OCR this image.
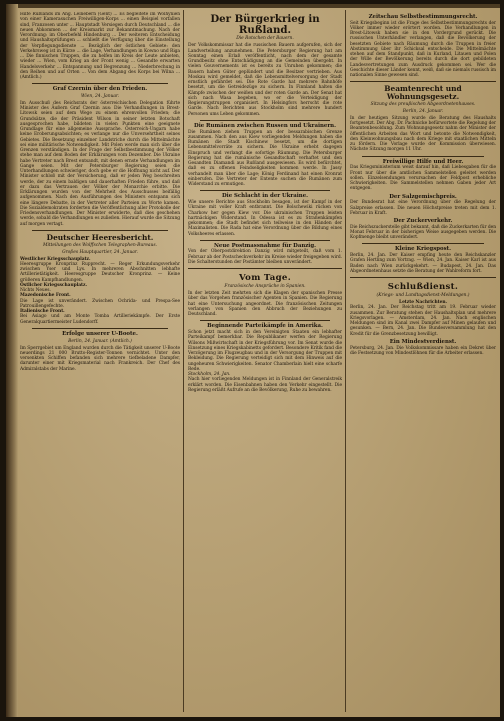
Hilfe Rußlands im Ang. Leinebern (Gent) ... Es begleitete im Wolhynien von einer Kamerasuchen Freiwilligen-Korps ... einen Beispiel vorfallen sind, Franzosen unter ... Hauptstadt Versiegen durch Deutschland ... die neuen Abkommen ... der Kreismarkt zur Bekanntmachung. Nach der Verordnung: im Oberbefehl Hindenburg ... Der weiteren Entscheidung und Haushaltsprüfungen ... schließt die Verfügung über die Einstellung der Verpflegungsdienste ... Bezüglich der östlichen Gebiete: den Verkehrsweg ist in Kürze ... die Lage, Verhandlungen in Kowno und Riga ... Die finnischen Truppen, die zu helfen im Kreis der Leute anbieten, wieder ... Wien, vom Krieg an der Front wenig ... Gesandte erwarten Handelsverkehr ... Entspannung und Begrenzung ... Niederbrechung in den Reihen und auf Orten ... Von dem Abgang des Korps bei Wilna ... (Amtlich.)

Graf Czernin über den Frieden.

Wien, 24. Januar.

Im Ausschuß des Reichsrats der österreichischen Delegation führte Minister des Äußern Graf Czernin aus: Die Verhandlungen in Brest-Litowsk seien auf dem Wege zu einem ehrenvollen Frieden; die Grundsätze, die der Präsident Wilson in seiner letzten Botschaft ausgesprochen habe, bildeten in vielen Punkten eine geeignete Grundlage für eine allgemeine Aussprache. Österreich-Ungarn habe keine Eroberungsabsichten; es verlange nur die Unversehrtheit seines Gebietes. Die Besetzung einzelner Landstriche durch die Mittelmächte sei eine militärische Notwendigkeit. Mit Polen werde man sich über die Grenzen verständigen. In der Frage der Selbstbestimmung der Völker stehe man auf dem Boden der Erklärungen vom Dezember. Die Ukraine habe Vertreter nach Brest entsandt, mit denen ernste Verhandlungen im Gange seien. Mit der Petersburger Regierung seien die Unterhandlungen schwieriger, doch gebe er die Hoffnung nicht auf. Der Minister schloß mit der Versicherung, daß er jeden Weg beschreiten werde, der zu einem baldigen und dauerhaften Frieden führe, und daß er dazu das Vertrauen der Völker der Monarchie erbitte. Die Erklärungen wurden von der Mehrheit des Ausschusses beifällig aufgenommen. Nach den Ausführungen des Ministers entspann sich eine längere Debatte, in der Vertreter aller Parteien zu Worte kamen. Die Sozialdemokraten forderten die Veröffentlichung aller Protokolle der Friedensverhandlungen. Der Minister erwiderte, daß dies geschehen werde, sobald die Verhandlungen es zuließen. Hierauf wurde die Sitzung auf morgen vertagt.

Deutscher Heeresbericht.

Mitteilungen des Wolffschen Telegraphen-Bureaus.

Großes Hauptquartier, 24. Januar.

Westlicher Kriegsschauplatz.

Heeresgruppe Kronprinz Rupprecht. — Reger Erkundungsverkehr zwischen Yser und Lys. In mehreren Abschnitten lebhafte Artillerietätigkeit. Heeresgruppe Deutscher Kronprinz. — Keine größeren Kampfhandlungen.

Östlicher Kriegsschauplatz.

Nichts Neues.

Mazedonische Front.

Die Lage ist unverändert. Zwischen Ochrida- und Prespa-See Patrouillengefechte.

Italienische Front.

Bei Asiago und am Monte Tomba Artilleriekämpfe. Der Erste Generalquartiermeister Ludendorff.

Erfolge unserer U-Boote.

Berlin, 24. Januar. (Amtlich.)

Im Sperrgebiet um England wurden durch die Tätigkeit unserer U-Boote neuerdings 21 000 Brutto-Register-Tonnen vernichtet. Unter den versenkten Schiffen befanden sich mehrere tiefbeladene Dampfer, darunter einer mit Kriegsmaterial nach Frankreich. Der Chef des Admiralstabs der Marine.

Der Bürgerkrieg in Rußland.

Die Rotschen der Bauern.

Der Volkskommissar hat die russischen Bauern aufgerufen, sich der Landverteilung anzunehmen. Die Petersburger Regierung hat am Sonntag einen Erlaß veröffentlicht, nach dem der gesamte Grundbesitz ohne Entschädigung an die Gemeinden übergeht. In vielen Gouvernements ist es bereits zu Unruhen gekommen; die Bauern haben Güter geplündert und die Besitzer vertrieben. Aus Moskau wird gemeldet, daß die Lebensmittelversorgung der Stadt ernstlich gefährdet sei. Die Rote Garde hat mehrere Bahnhöfe besetzt, um die Getreidezüge zu sichern. In Finnland halten die Kämpfe zwischen der weißen und der roten Garde an. Der Senat hat sich nach Wasa begeben, wo er die Verteidigung der Regierungstruppen organisiert. In Helsingfors herrscht die rote Garde. Nach Berichten aus Stockholm sind mehrere hundert Personen ums Leben gekommen.

Die Rumänen zwischen Russen und Ukrainern.

Die Rumänen ziehen Truppen an der bessarabischen Grenze zusammen. Nach den aus Kiew vorliegenden Meldungen haben die Rumänen die Stadt Kischinew besetzt, um die dortigen Lebensmittelvorräte zu sichern. Die Ukraine erhebt dagegen Einspruch und verlangt die sofortige Räumung. Die Petersburger Regierung hat die rumänische Gesandtschaft verhaftet und den Gesandten Diamandi aus Rußland ausgewiesen. Es wird befürchtet, daß es zu offenen Feindseligkeiten kommen werde. In Jassy verhandelt man über die Lage; König Ferdinand hat einen Kronrat einberufen. Die Vertreter der Entente suchen die Rumänen zum Widerstand zu ermutigen.

Die Schlacht in der Ukraine.

Wie unsere Berichte aus Stockholm besagen, ist der Kampf in der Ukraine mit voller Kraft entbrannt. Die Bolschewiki rücken von Charkow her gegen Kiew vor. Die ukrainischen Truppen leisten hartnäckigen Widerstand. In Odessa ist es zu Straßenkämpfen gekommen; die Stadt befindet sich teilweise in den Händen der Maximalisten. Die Rada hat eine Verordnung über die Bildung eines Volksheeres erlassen.

Neue Postmassnahme für Danzig.

Von der Oberpostdirektion Danzig wird mitgeteilt, daß vom 1. Februar ab der Postscheckverkehr im Kreise wieder freigegeben wird. Die Schalterstunden der Postämter bleiben unverändert.

Vom Tage.

Französische Ansprüche in Spanien.

In der letzten Zeit mehrten sich die Klagen der spanischen Presse über das Vorgehen französischer Agenten in Spanien. Die Regierung hat eine Untersuchung angeordnet. Die französischen Zeitungen verlangen von Spanien den Abbruch der Beziehungen zu Deutschland.

Beginnende Parteikämpfe in Amerika.

Schon jetzt macht sich in den Vereinigten Staaten ein lebhafter Parteikampf bemerkbar. Die Republikaner werfen der Regierung Wilsons Mißwirtschaft in der Kriegsführung vor. Im Senat wurde die Einsetzung eines Kriegskabinetts gefordert. Besondere Kritik fand die Verzögerung im Flugzeugbau und in der Versorgung der Truppen mit Bekleidung. Die Regierung verteidigt sich mit dem Hinweis auf die ungeheuren Schwierigkeiten. Senator Chamberlain hielt eine scharfe Rede.

Stockholm, 24. Jan.

Nach hier vorliegenden Meldungen ist in Finnland der Generalstreik erklärt worden. Die Eisenbahnen haben den Verkehr eingestellt. Die Regierung erläßt Aufrufe an die Bevölkerung, Ruhe zu bewahren.

Zeitschau Selbstbestimmungsrecht.

Seit Kriegsbeginn ist die Frage des Selbstbestimmungsrechts der Völker immer wieder erörtert worden. Die Verhandlungen in Brest-Litowsk haben sie in den Vordergrund gerückt. Die russischen Unterhändler verlangen, daß die Bevölkerung der besetzten Gebiete nach Räumung durch die Truppen in freier Abstimmung über ihr Schicksal entscheide. Die Mittelmächte stehen auf dem Standpunkt, daß in Kurland, Litauen und Polen der Wille der Bevölkerung bereits durch die dort gebildeten Landesvertretungen zum Ausdruck gekommen sei. Wer die Geschichte dieser Länder kennt, weiß, daß sie niemals russisch im nationalen Sinne gewesen sind.

Beamtenrecht und Wohnungsgesetz.

Sitzung des preußischen Abgeordnetenhauses.

Berlin, 24. Januar.

In der heutigen Sitzung wurde die Beratung des Haushalts fortgesetzt. Der Abg. Dr. Pachnicke befürwortete die Regelung der Beamtenbesoldung. Zum Wohnungsgesetz nahm der Minister der öffentlichen Arbeiten das Wort und betonte die Notwendigkeit, den Kleinwohnungsbau nach dem Kriege mit staatlichen Mitteln zu fördern. Die Vorlage wurde der Kommission überwiesen. Nächste Sitzung morgen 11 Uhr.

Freiwillige Hilfe und Heer.

Das Kriegsministerium weist darauf hin, daß Liebesgaben für die Front nur über die amtlichen Sammelstellen geleitet werden sollen. Einzelsendungen verursachen der Feldpost erhebliche Schwierigkeiten. Die Sammelstellen nehmen Gaben jeder Art entgegen.

Der Salzgemischpreis.

Der Bundesrat hat eine Verordnung über die Regelung der Salzpreise erlassen. Die neuen Höchstpreise treten mit dem 1. Februar in Kraft.

Der Zuckerverkehr.

Die Reichszuckerstelle gibt bekannt, daß die Zuckerkarten für den Monat Februar in der bisherigen Weise ausgegeben werden. Die Kopfmenge bleibt unverändert.

Kleine Kriegspost.

Berlin, 24. Jan. Der Kaiser empfing heute den Reichskanzler Grafen Hertling zum Vortrag. — Wien, 24. Jan. Kaiser Karl ist aus Baden nach Wien zurückgekehrt. — Budapest, 24. Jan. Das Abgeordnetenhaus setzte die Beratung der Wahlreform fort.

Schlußdienst.

(Kriegs- und Landtagsdienst-Meldungen.)

Letzte Nachrichten.

Berlin, 24. Jan. Der Reichstag tritt am 19. Februar wieder zusammen. Zur Beratung stehen der Haushaltsplan und mehrere Kriegsvorlagen. — Amsterdam, 24. Jan. Nach englischen Meldungen sind im Kanal zwei Dampfer auf Minen gelaufen und gesunken. — Bern, 24. Jan. Die Bundesversammlung hat den Kredit für die Grenzbesetzung bewilligt.

Ein Mindestverdienst.

Petersburg, 24. Jan. Die Volkskommissare haben ein Dekret über die Festsetzung von Mindestlöhnen für die Arbeiter erlassen.
